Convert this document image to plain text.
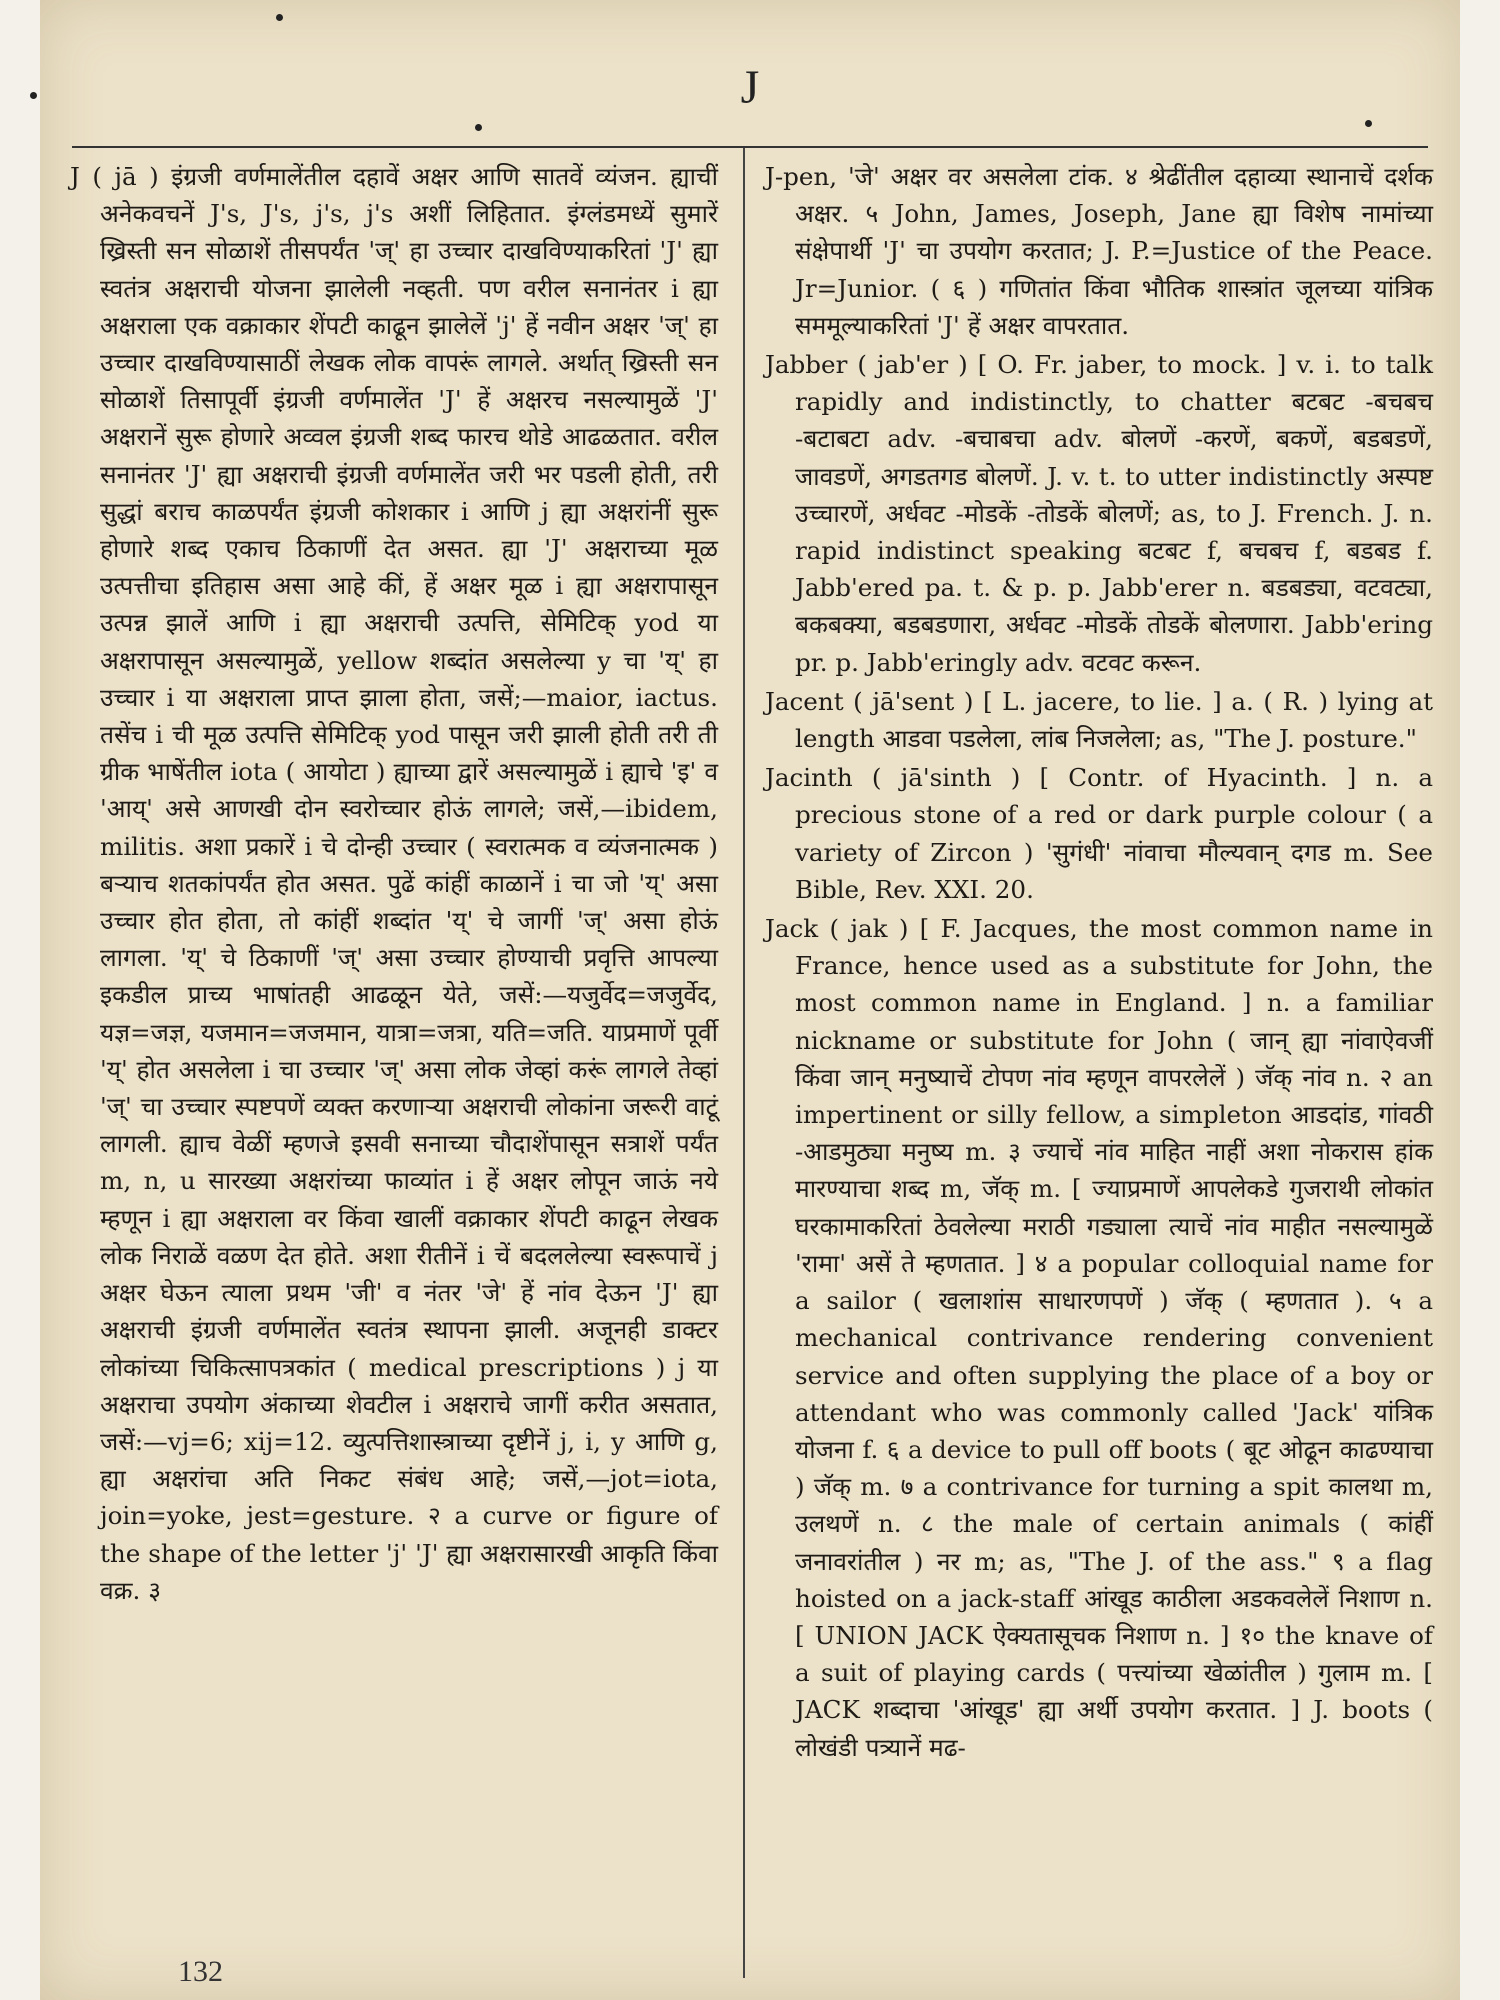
J

J ( jā ) इंग्रजी वर्णमालेंतील दहावें अक्षर आणि सातवें व्यंजन. ह्याचीं अनेकवचनें J's, J's, j's, j's अशीं लिहितात. इंग्लंडमध्यें सुमारें ख्रिस्ती सन सोळाशें तीसपर्यंत 'ज्' हा उच्चार दाखविण्याकरितां 'J' ह्या स्वतंत्र अक्षराची योजना झालेली नव्हती. पण वरील सनानंतर i ह्या अक्षराला एक वक्राकार शेंपटी काढून झालेलें 'j' हें नवीन अक्षर 'ज्' हा उच्चार दाखविण्यासाठीं लेखक लोक वापरूं लागले. अर्थात् ख्रिस्ती सन सोळाशें तिसापूर्वी इंग्रजी वर्णमालेंत 'J' हें अक्षरच नसल्यामुळें 'J' अक्षरानें सुरू होणारे अव्वल इंग्रजी शब्द फारच थोडे आढळतात. वरील सनानंतर 'J' ह्या अक्षराची इंग्रजी वर्णमालेंत जरी भर पडली होती, तरी सुद्धां बराच काळपर्यंत इंग्रजी कोशकार i आणि j ह्या अक्षरांनीं सुरू होणारे शब्द एकाच ठिकाणीं देत असत. ह्या 'J' अक्षराच्या मूळ उत्पत्तीचा इतिहास असा आहे कीं, हें अक्षर मूळ i ह्या अक्षरापासून उत्पन्न झालें आणि i ह्या अक्षराची उत्पत्ति, सेमिटिक् yod या अक्षरापासून असल्यामुळें, yellow शब्दांत असलेल्या y चा 'य्' हा उच्चार i या अक्षराला प्राप्त झाला होता, जसें;—maior, iactus. तसेंच i ची मूळ उत्पत्ति सेमिटिक् yod पासून जरी झाली होती तरी ती ग्रीक भाषेंतील iota ( आयोटा ) ह्याच्या द्वारें असल्यामुळें i ह्याचे 'इ' व 'आय्' असे आणखी दोन स्वरोच्चार होऊं लागले; जसें,—ibidem, militis. अशा प्रकारें i चे दोन्ही उच्चार ( स्वरात्मक व व्यंजनात्मक ) बऱ्याच शतकांपर्यंत होत असत. पुढें कांहीं काळानें i चा जो 'य्' असा उच्चार होत होता, तो कांहीं शब्दांत 'य्' चे जागीं 'ज्' असा होऊं लागला. 'य्' चे ठिकाणीं 'ज्' असा उच्चार होण्याची प्रवृत्ति आपल्या इकडील प्राच्य भाषांतही आढळून येते, जसें:—यजुर्वेद=जजुर्वेद, यज्ञ=जज्ञ, यजमान=जजमान, यात्रा=जत्रा, यति=जति. याप्रमाणें पूर्वी 'य्' होत असलेला i चा उच्चार 'ज्' असा लोक जेव्हां करूं लागले तेव्हां 'ज्' चा उच्चार स्पष्टपणें व्यक्त करणाऱ्या अक्षराची लोकांना जरूरी वाटूं लागली. ह्याच वेळीं म्हणजे इसवी सनाच्या चौदाशेंपासून सत्राशें पर्यंत m, n, u सारख्या अक्षरांच्या फाव्यांत i हें अक्षर लोपून जाऊं नये म्हणून i ह्या अक्षराला वर किंवा खालीं वक्राकार शेंपटी काढून लेखक लोक निराळें वळण देत होते. अशा रीतीनें i चें बदललेल्या स्वरूपाचें j अक्षर घेऊन त्याला प्रथम 'जी' व नंतर 'जे' हें नांव देऊन 'J' ह्या अक्षराची इंग्रजी वर्णमालेंत स्वतंत्र स्थापना झाली. अजूनही डाक्टर लोकांच्या चिकित्सापत्रकांत ( medical prescriptions ) j या अक्षराचा उपयोग अंकाच्या शेवटील i अक्षराचे जागीं करीत असतात, जसें:—vj=6; xij=12. व्युत्पत्तिशास्त्राच्या दृष्टीनें j, i, y आणि g, ह्या अक्षरांचा अति निकट संबंध आहे; जसें,—jot=iota, join=yoke, jest=gesture. २ a curve or figure of the shape of the letter 'j' 'J' ह्या अक्षरासारखी आकृति किंवा वक्र. ३

J-pen, 'जे' अक्षर वर असलेला टांक. ४ श्रेढींतील दहाव्या स्थानाचें दर्शक अक्षर. ५ John, James, Joseph, Jane ह्या विशेष नामांच्या संक्षेपार्थी 'J' चा उपयोग करतात; J. P.=Justice of the Peace. Jr=Junior. ( ६ ) गणितांत किंवा भौतिक शास्त्रांत जूलच्या यांत्रिक सममूल्याकरितां 'J' हें अक्षर वापरतात.

Jabber ( jab'er ) [ O. Fr. jaber, to mock. ] v. i. to talk rapidly and indistinctly, to chatter बटबट -बचबच -बटाबटा adv. -बचाबचा adv. बोलणें -करणें, बकणें, बडबडणें, जावडणें, अगडतगड बोलणें. J. v. t. to utter indistinctly अस्पष्ट उच्चारणें, अर्धवट -मोडकें -तोडकें बोलणें; as, to J. French. J. n. rapid indistinct speaking बटबट f, बचबच f, बडबड f. Jabb'ered pa. t. & p. p. Jabb'erer n. बडबड्या, वटवट्या, बकबक्या, बडबडणारा, अर्धवट -मोडकें तोडकें बोलणारा. Jabb'ering pr. p. Jabb'eringly adv. वटवट करून.

Jacent ( jā'sent ) [ L. jacere, to lie. ] a. ( R. ) lying at length आडवा पडलेला, लांब निजलेला; as, "The J. posture."

Jacinth ( jā'sinth ) [ Contr. of Hyacinth. ] n. a precious stone of a red or dark purple colour ( a variety of Zircon ) 'सुगंधी' नांवाचा मौल्यवान् दगड m. See Bible, Rev. XXI. 20.

Jack ( jak ) [ F. Jacques, the most common name in France, hence used as a substitute for John, the most common name in England. ] n. a familiar nickname or substitute for John ( जान् ह्या नांवाऐवजीं किंवा जान् मनुष्याचें टोपण नांव म्हणून वापरलेलें ) जॅक् नांव n. २ an impertinent or silly fellow, a simpleton आडदांड, गांवठी -आडमुठ्या मनुष्य m. ३ ज्याचें नांव माहित नाहीं अशा नोकरास हांक मारण्याचा शब्द m, जॅक् m. [ ज्याप्रमाणें आपलेकडे गुजराथी लोकांत घरकामाकरितां ठेवलेल्या मराठी गड्याला त्याचें नांव माहीत नसल्यामुळें 'रामा' असें ते म्हणतात. ] ४ a popular colloquial name for a sailor ( खलाशांस साधारणपणें ) जॅक् ( म्हणतात ). ५ a mechanical contrivance rendering convenient service and often supplying the place of a boy or attendant who was commonly called 'Jack' यांत्रिक योजना f. ६ a device to pull off boots ( बूट ओढून काढण्याचा ) जॅक् m. ७ a contrivance for turning a spit कालथा m, उलथणें n. ८ the male of certain animals ( कांहीं जनावरांतील ) नर m; as, "The J. of the ass." ९ a flag hoisted on a jack-staff आंखूड काठीला अडकवलेलें निशाण n. [ UNION JACK ऐक्यतासूचक निशाण n. ] १० the knave of a suit of playing cards ( पत्त्यांच्या खेळांतील ) गुलाम m. [ JACK शब्दाचा 'आंखूड' ह्या अर्थी उपयोग करतात. ] J. boots ( लोखंडी पत्र्यानें मढ-

132
